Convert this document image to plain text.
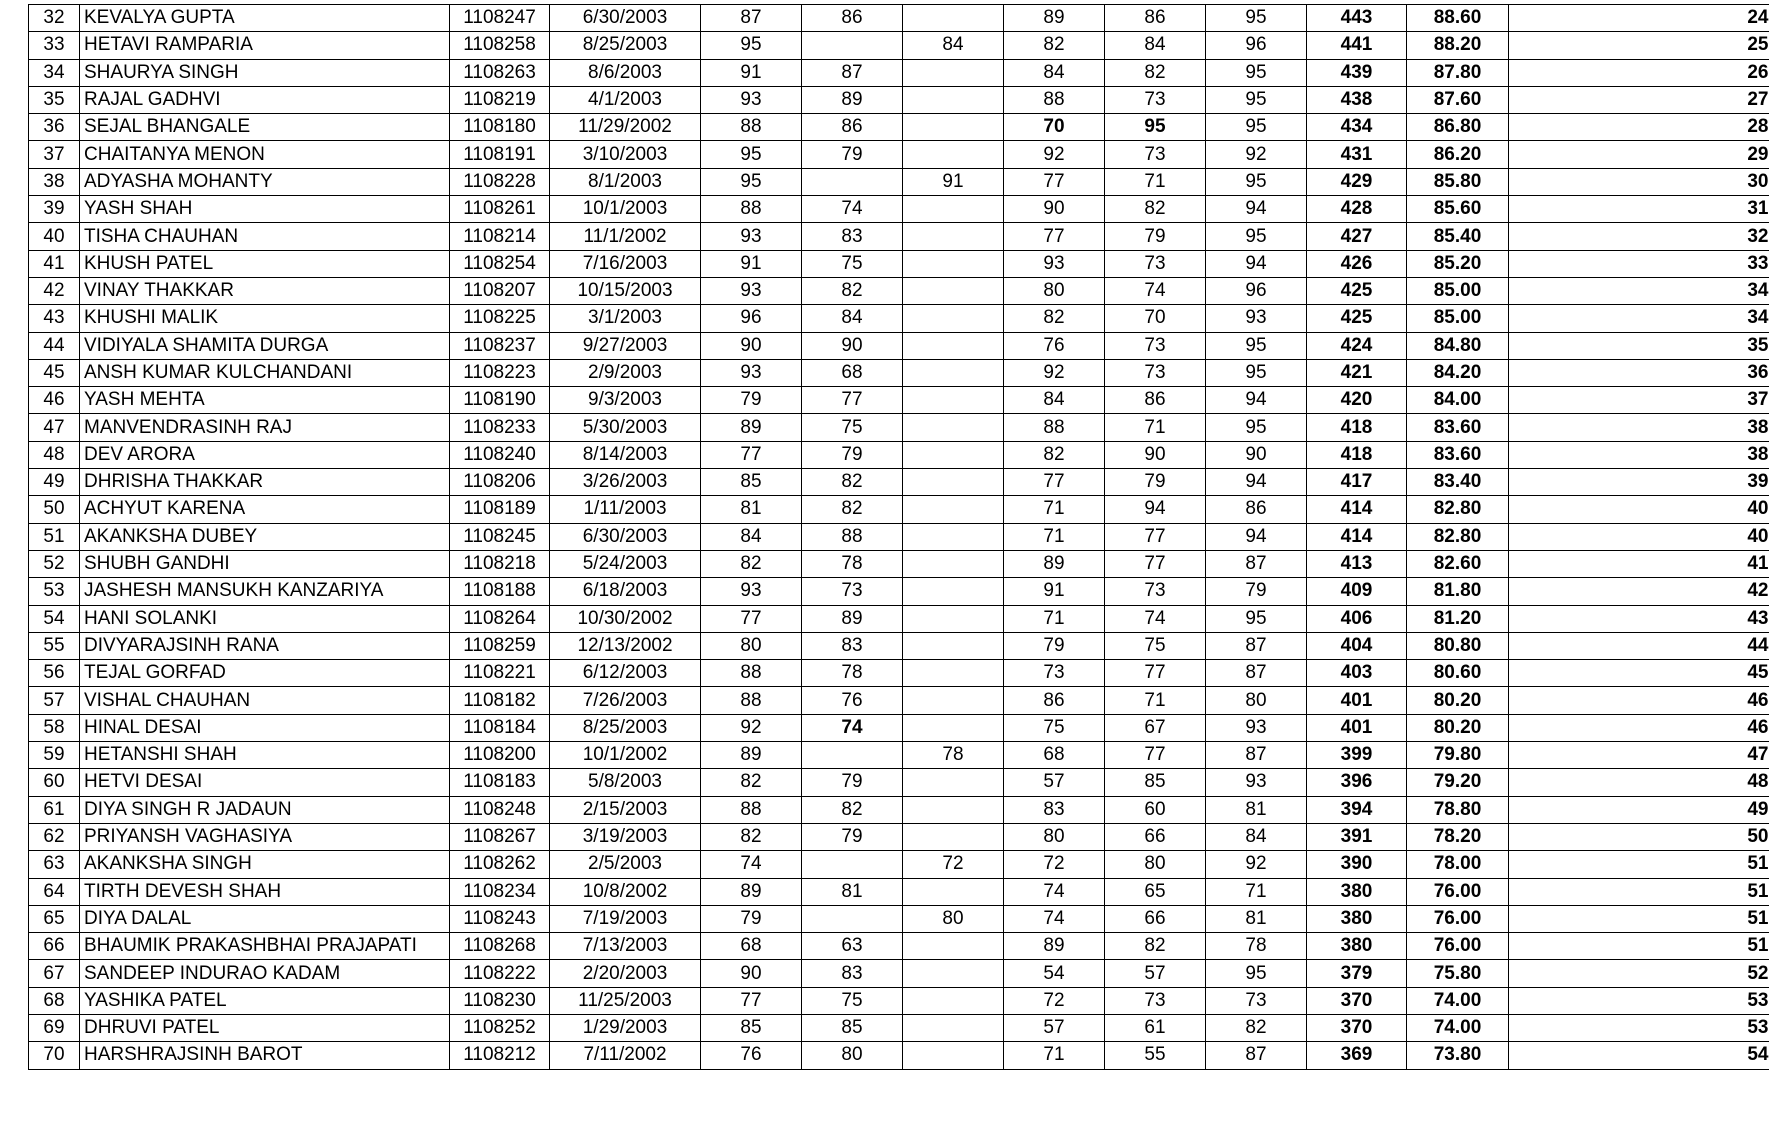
32	KEVALYA GUPTA	1108247	6/30/2003	87	86		89	86	95	443	88.60	24
33	HETAVI RAMPARIA	1108258	8/25/2003	95		84	82	84	96	441	88.20	25
34	SHAURYA SINGH	1108263	8/6/2003	91	87		84	82	95	439	87.80	26
35	RAJAL GADHVI	1108219	4/1/2003	93	89		88	73	95	438	87.60	27
36	SEJAL BHANGALE	1108180	11/29/2002	88	86		70	95	95	434	86.80	28
37	CHAITANYA MENON	1108191	3/10/2003	95	79		92	73	92	431	86.20	29
38	ADYASHA MOHANTY	1108228	8/1/2003	95		91	77	71	95	429	85.80	30
39	YASH SHAH	1108261	10/1/2003	88	74		90	82	94	428	85.60	31
40	TISHA CHAUHAN	1108214	11/1/2002	93	83		77	79	95	427	85.40	32
41	KHUSH PATEL	1108254	7/16/2003	91	75		93	73	94	426	85.20	33
42	VINAY THAKKAR	1108207	10/15/2003	93	82		80	74	96	425	85.00	34
43	KHUSHI MALIK	1108225	3/1/2003	96	84		82	70	93	425	85.00	34
44	VIDIYALA SHAMITA DURGA	1108237	9/27/2003	90	90		76	73	95	424	84.80	35
45	ANSH KUMAR KULCHANDANI	1108223	2/9/2003	93	68		92	73	95	421	84.20	36
46	YASH MEHTA	1108190	9/3/2003	79	77		84	86	94	420	84.00	37
47	MANVENDRASINH RAJ	1108233	5/30/2003	89	75		88	71	95	418	83.60	38
48	DEV ARORA	1108240	8/14/2003	77	79		82	90	90	418	83.60	38
49	DHRISHA THAKKAR	1108206	3/26/2003	85	82		77	79	94	417	83.40	39
50	ACHYUT KARENA	1108189	1/11/2003	81	82		71	94	86	414	82.80	40
51	AKANKSHA DUBEY	1108245	6/30/2003	84	88		71	77	94	414	82.80	40
52	SHUBH GANDHI	1108218	5/24/2003	82	78		89	77	87	413	82.60	41
53	JASHESH MANSUKH KANZARIYA	1108188	6/18/2003	93	73		91	73	79	409	81.80	42
54	HANI SOLANKI	1108264	10/30/2002	77	89		71	74	95	406	81.20	43
55	DIVYARAJSINH RANA	1108259	12/13/2002	80	83		79	75	87	404	80.80	44
56	TEJAL GORFAD	1108221	6/12/2003	88	78		73	77	87	403	80.60	45
57	VISHAL CHAUHAN	1108182	7/26/2003	88	76		86	71	80	401	80.20	46
58	HINAL DESAI	1108184	8/25/2003	92	74		75	67	93	401	80.20	46
59	HETANSHI SHAH	1108200	10/1/2002	89		78	68	77	87	399	79.80	47
60	HETVI DESAI	1108183	5/8/2003	82	79		57	85	93	396	79.20	48
61	DIYA SINGH R JADAUN	1108248	2/15/2003	88	82		83	60	81	394	78.80	49
62	PRIYANSH VAGHASIYA	1108267	3/19/2003	82	79		80	66	84	391	78.20	50
63	AKANKSHA SINGH	1108262	2/5/2003	74		72	72	80	92	390	78.00	51
64	TIRTH DEVESH SHAH	1108234	10/8/2002	89	81		74	65	71	380	76.00	51
65	DIYA DALAL	1108243	7/19/2003	79		80	74	66	81	380	76.00	51
66	BHAUMIK PRAKASHBHAI PRAJAPATI	1108268	7/13/2003	68	63		89	82	78	380	76.00	51
67	SANDEEP INDURAO KADAM	1108222	2/20/2003	90	83		54	57	95	379	75.80	52
68	YASHIKA PATEL	1108230	11/25/2003	77	75		72	73	73	370	74.00	53
69	DHRUVI PATEL	1108252	1/29/2003	85	85		57	61	82	370	74.00	53
70	HARSHRAJSINH BAROT	1108212	7/11/2002	76	80		71	55	87	369	73.80	54
